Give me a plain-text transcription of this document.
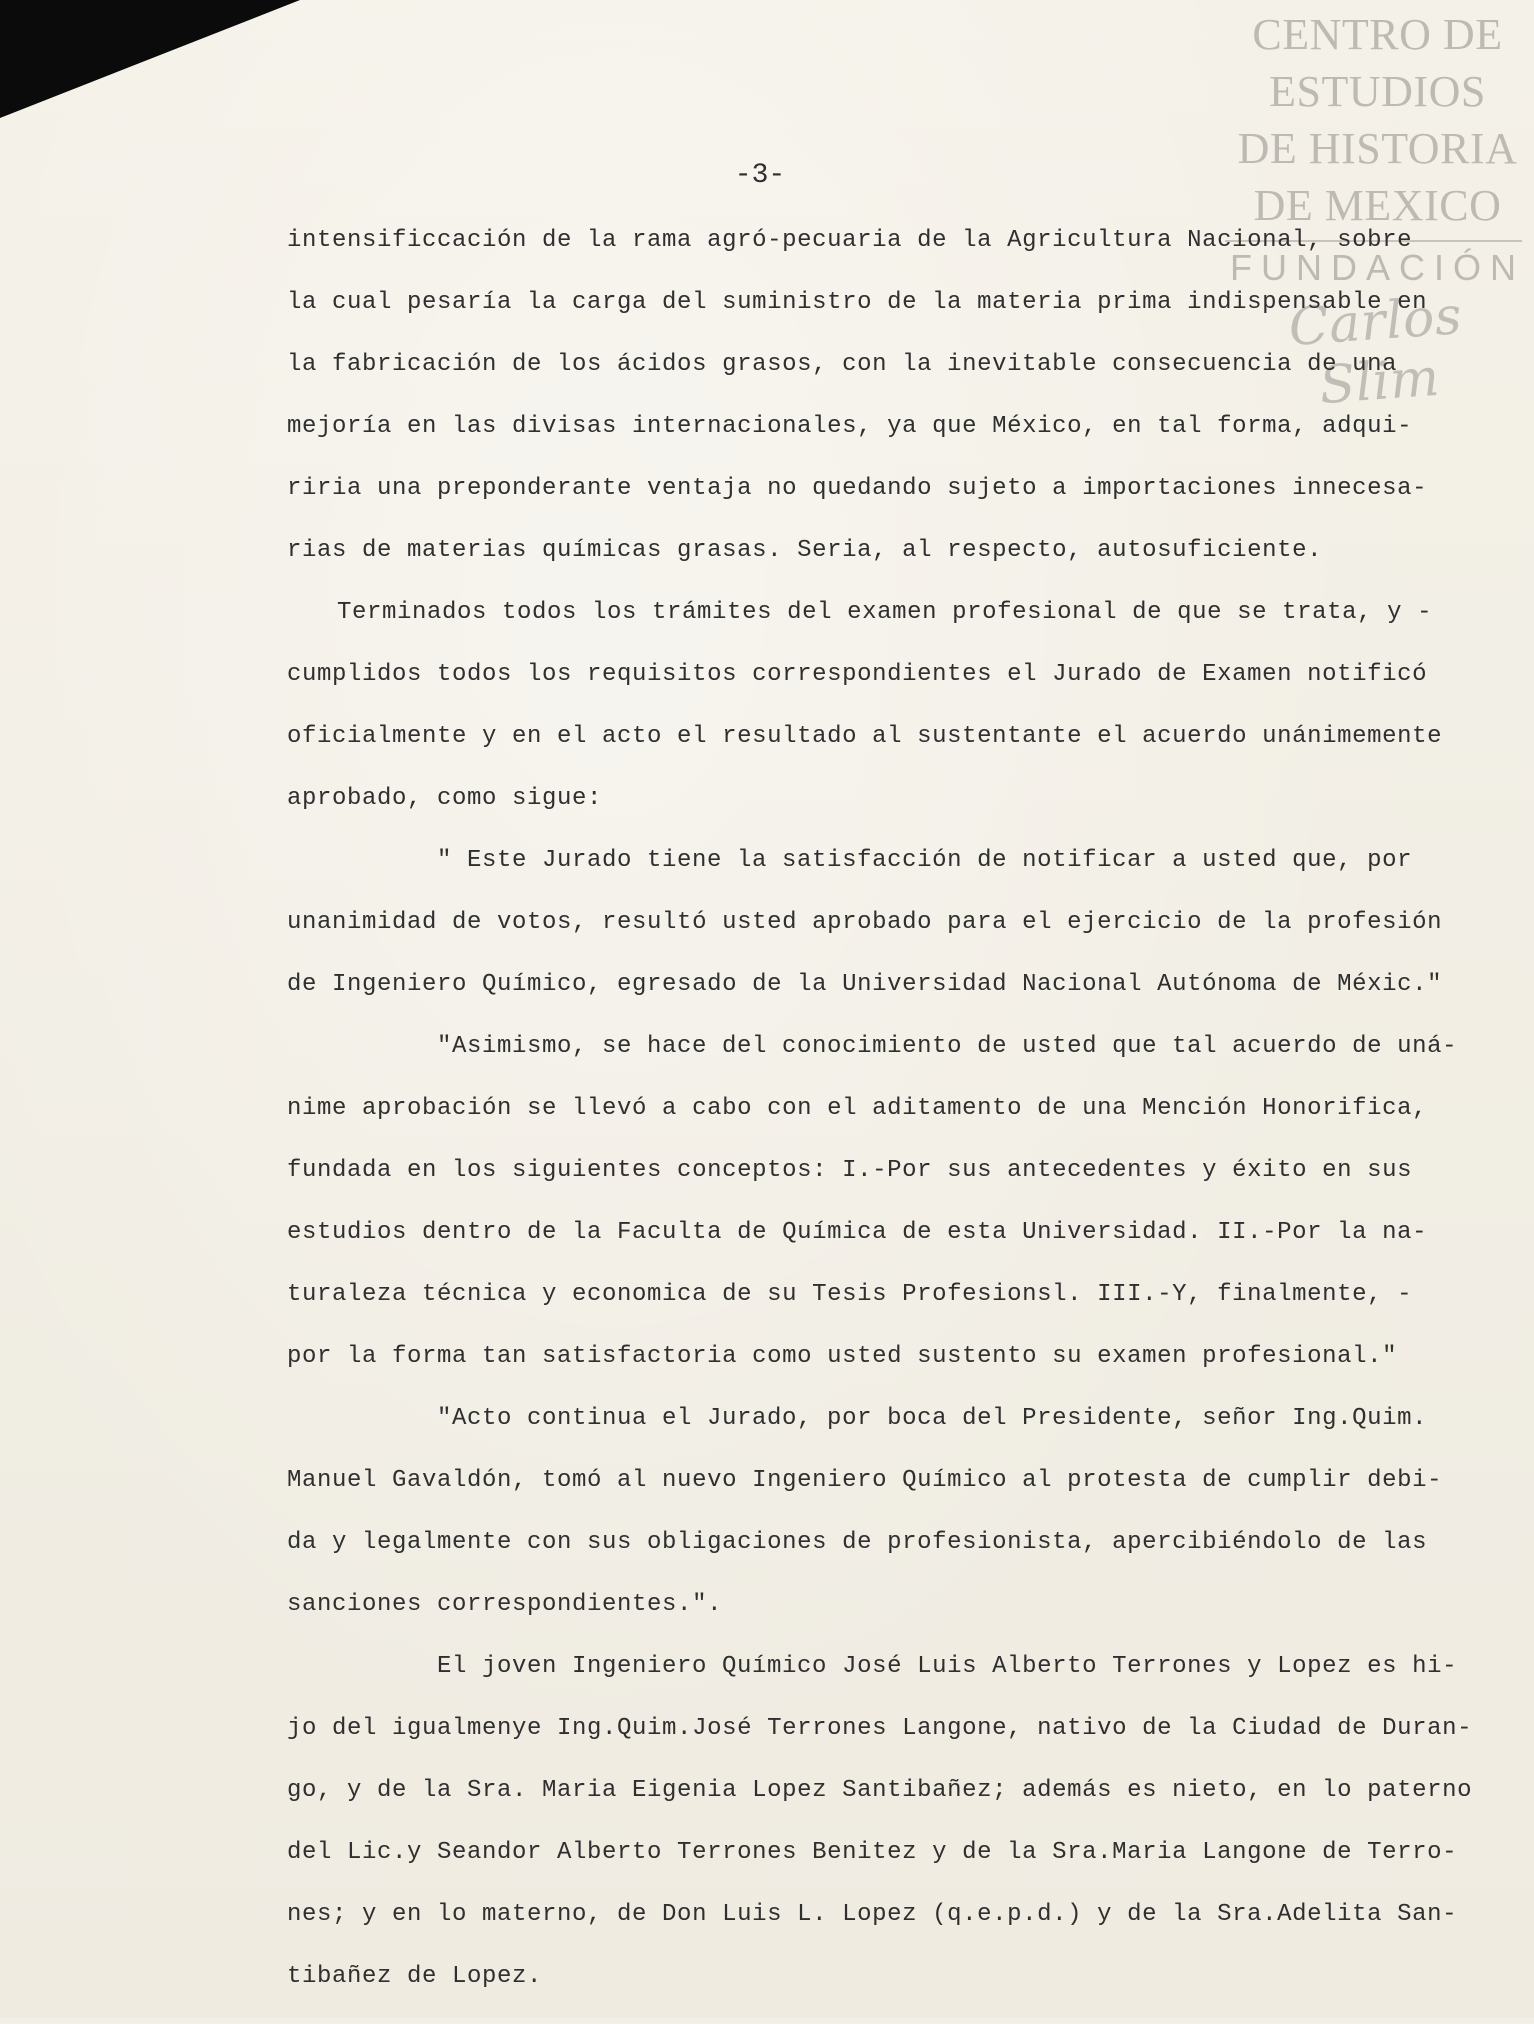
CENTRO DE
ESTUDIOS
DE HISTORIA
DE MEXICO
FUNDACIÓN
Carlos Slim
-3-
intensificcación de la rama agró-pecuaria de la Agricultura Nacional, sobre
la cual pesaría la carga del suministro de la materia prima indispensable en
la fabricación de los ácidos grasos, con la inevitable consecuencia de una
mejoría en las divisas internacionales, ya que México, en tal forma, adqui-
riria una preponderante ventaja no quedando sujeto a importaciones innecesa-
rias de materias químicas grasas. Seria, al respecto, autosuficiente.
Terminados todos los trámites del examen profesional de que se trata, y -
cumplidos todos los requisitos correspondientes el Jurado de Examen notificó
oficialmente y en el acto el resultado al sustentante el acuerdo unánimemente
aprobado, como sigue:
" Este Jurado tiene la satisfacción de notificar a usted que, por
unanimidad de votos, resultó usted aprobado para el ejercicio de la profesión
de Ingeniero Químico, egresado de la Universidad Nacional Autónoma de Méxic."
"Asimismo, se hace del conocimiento de usted que tal acuerdo de uná-
nime aprobación se llevó a cabo con el aditamento de una Mención Honorifica,
fundada en los siguientes conceptos: I.-Por sus antecedentes y éxito en sus
estudios dentro de la Faculta de Química de esta Universidad. II.-Por la na-
turaleza técnica y economica de su Tesis Profesionsl. III.-Y, finalmente, -
por la forma tan satisfactoria como usted sustento su examen profesional."
"Acto continua el Jurado, por boca del Presidente, señor Ing.Quim.
Manuel Gavaldón, tomó al nuevo Ingeniero Químico al protesta de cumplir debi-
da y legalmente con sus obligaciones de profesionista, apercibiéndolo de las
sanciones correspondientes.".
El joven Ingeniero Químico José Luis Alberto Terrones y Lopez es hi-
jo del igualmenye Ing.Quim.José Terrones Langone, nativo de la Ciudad de Duran-
go, y de la Sra. Maria Eigenia Lopez Santibañez; además es nieto, en lo paterno
del Lic.y Seandor Alberto Terrones Benitez y de la Sra.Maria Langone de Terro-
nes; y en lo materno, de Don Luis L. Lopez (q.e.p.d.) y de la Sra.Adelita San-
tibañez de Lopez.
